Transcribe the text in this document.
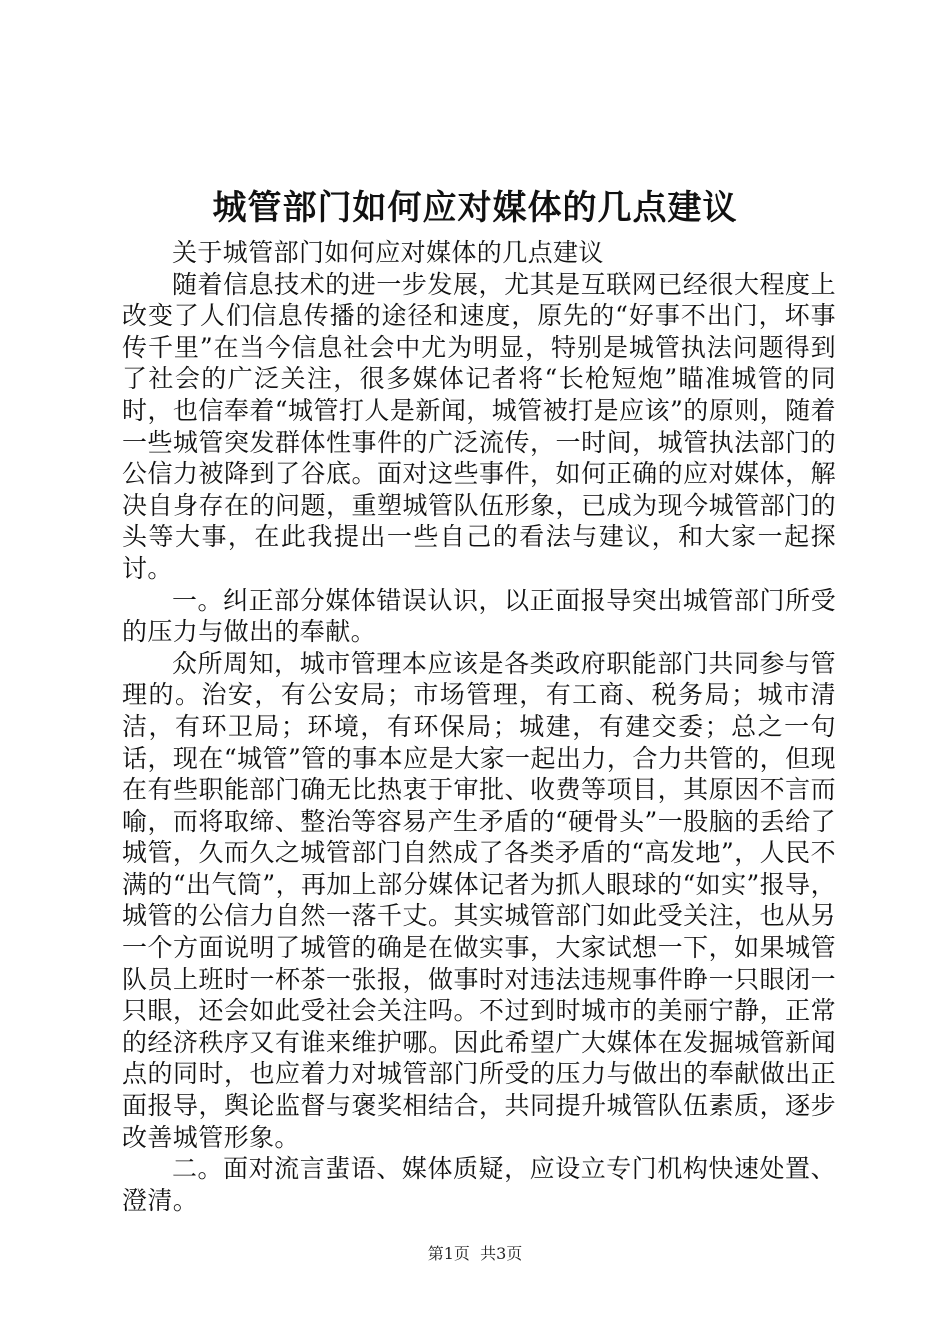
城管部门如何应对媒体的几点建议

关于城管部门如何应对媒体的几点建议

随着信息技术的进一步发展，尤其是互联网已经很大程度上改变了人们信息传播的途径和速度，原先的“好事不出门，坏事传千里”在当今信息社会中尤为明显，特别是城管执法问题得到了社会的广泛关注，很多媒体记者将“长枪短炮”瞄准城管的同时，也信奉着“城管打人是新闻，城管被打是应该”的原则，随着一些城管突发群体性事件的广泛流传，一时间，城管执法部门的公信力被降到了谷底。面对这些事件，如何正确的应对媒体，解决自身存在的问题，重塑城管队伍形象，已成为现今城管部门的头等大事，在此我提出一些自己的看法与建议，和大家一起探讨。

一。纠正部分媒体错误认识，以正面报导突出城管部门所受的压力与做出的奉献。

众所周知，城市管理本应该是各类政府职能部门共同参与管理的。治安，有公安局；市场管理，有工商、税务局；城市清洁，有环卫局；环境，有环保局；城建，有建交委；总之一句话，现在“城管”管的事本应是大家一起出力，合力共管的，但现在有些职能部门确无比热衷于审批、收费等项目，其原因不言而喻，而将取缔、整治等容易产生矛盾的“硬骨头”一股脑的丢给了城管，久而久之城管部门自然成了各类矛盾的“高发地”，人民不满的“出气筒”，再加上部分媒体记者为抓人眼球的“如实”报导，城管的公信力自然一落千丈。其实城管部门如此受关注，也从另一个方面说明了城管的确是在做实事，大家试想一下，如果城管队员上班时一杯茶一张报，做事时对违法违规事件睁一只眼闭一只眼，还会如此受社会关注吗。不过到时城市的美丽宁静，正常的经济秩序又有谁来维护哪。因此希望广大媒体在发掘城管新闻点的同时，也应着力对城管部门所受的压力与做出的奉献做出正面报导，舆论监督与褒奖相结合，共同提升城管队伍素质，逐步改善城管形象。

二。面对流言蜚语、媒体质疑，应设立专门机构快速处置、澄清。

第1页 共3页
